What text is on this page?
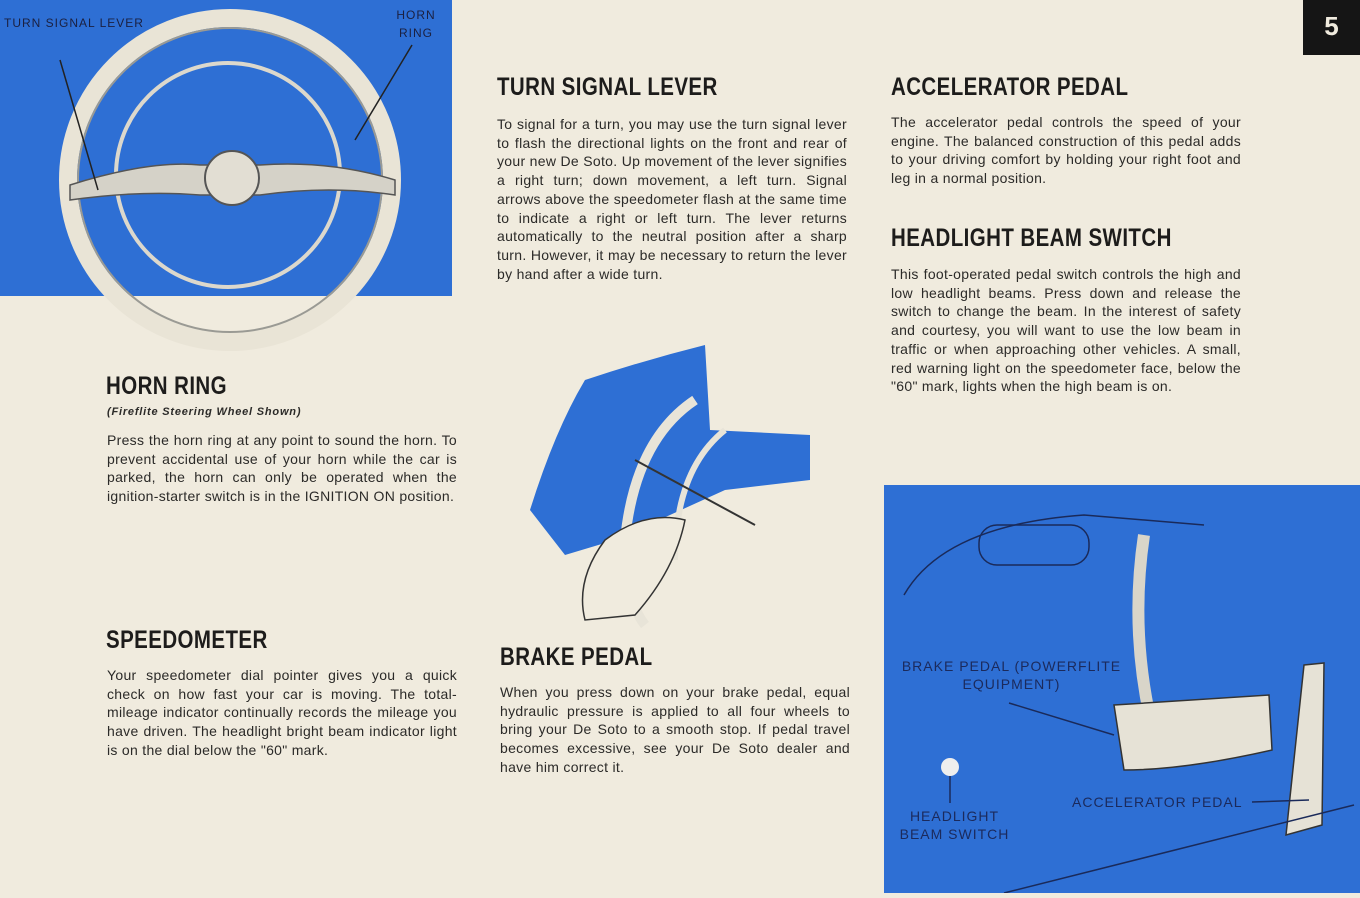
TURN SIGNAL LEVER
HORN RING
HORN RING
(Fireflite Steering Wheel Shown)

Press the horn ring at any point to sound the horn. To prevent accidental use of your horn while the car is parked, the horn can only be operated when the ignition-starter switch is in the IGNITION ON position.

SPEEDOMETER

Your speedometer dial pointer gives you a quick check on how fast your car is moving. The total-mileage indicator continually records the mileage you have driven. The headlight bright beam indicator light is on the dial below the "60" mark.

TURN SIGNAL LEVER

To signal for a turn, you may use the turn signal lever to flash the directional lights on the front and rear of your new De Soto. Up movement of the lever signifies a right turn; down movement, a left turn. Signal arrows above the speedometer flash at the same time to indicate a right or left turn. The lever returns automatically to the neutral position after a sharp turn. However, it may be necessary to return the lever by hand after a wide turn.

BRAKE PEDAL

When you press down on your brake pedal, equal hydraulic pressure is applied to all four wheels to bring your De Soto to a smooth stop. If pedal travel becomes excessive, see your De Soto dealer and have him correct it.

ACCELERATOR PEDAL

The accelerator pedal controls the speed of your engine. The balanced construction of this pedal adds to your driving comfort by holding your right foot and leg in a normal position.

HEADLIGHT BEAM SWITCH

This foot-operated pedal switch controls the high and low headlight beams. Press down and release the switch to change the beam. In the interest of safety and courtesy, you will want to use the low beam in traffic or when approaching other vehicles. A small, red warning light on the speedometer face, below the "60" mark, lights when the high beam is on.

BRAKE PEDAL (POWERFLITE EQUIPMENT)
ACCELERATOR PEDAL
HEADLIGHT BEAM SWITCH
5
